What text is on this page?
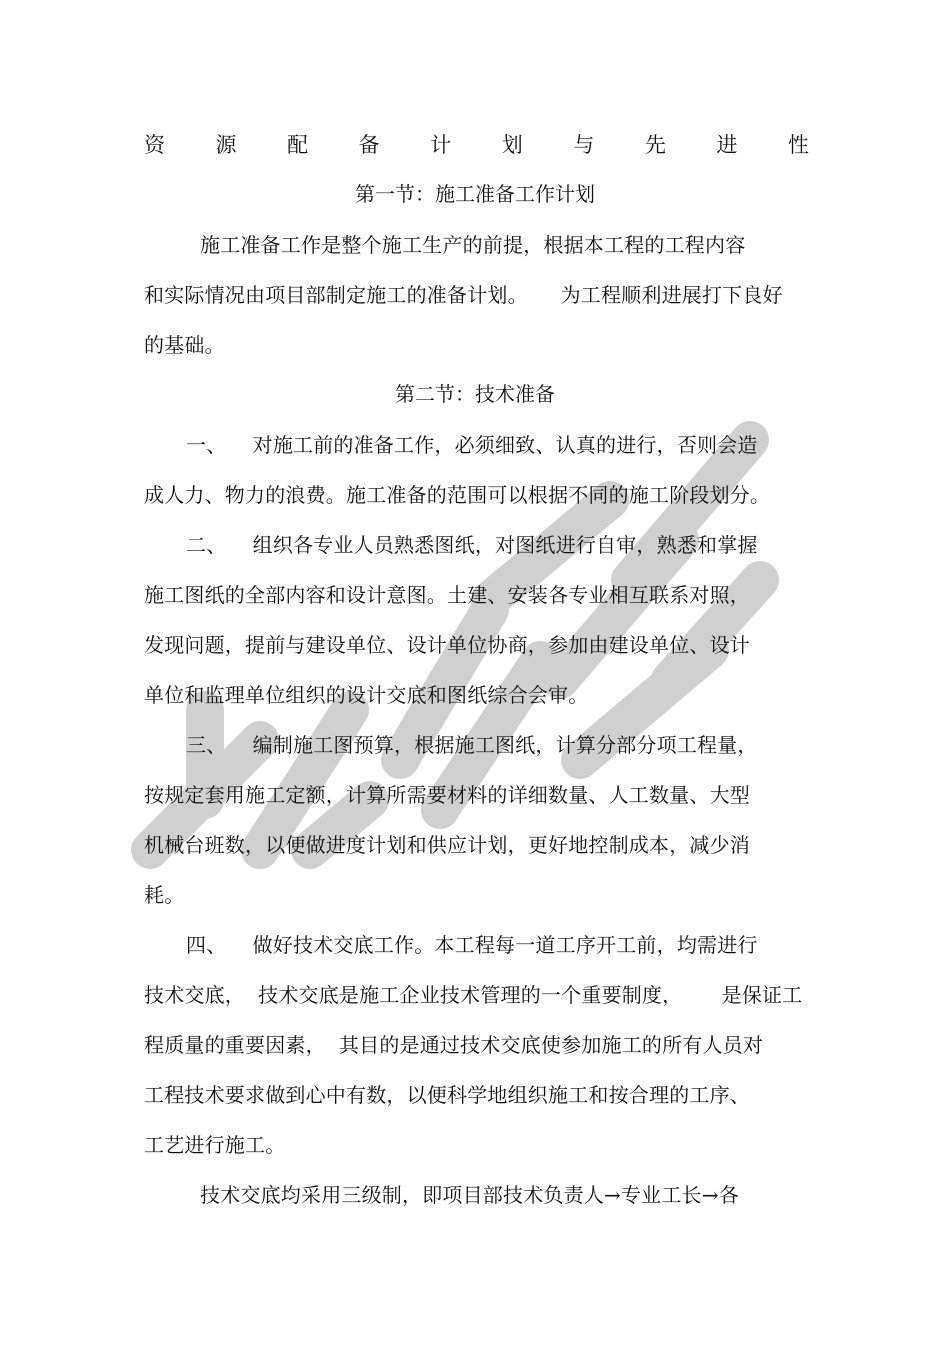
资 源 配 备 计 划 与 先 进 性
第一节：施工准备工作计划
施工准备工作是整个施工生产的前提，根据本工程的工程内容
和实际情况由项目部制定施工的准备计划。     为工程顺利进展打下良好
的基础。
第二节：技术准备
一、    对施工前的准备工作，必须细致、认真的进行，否则会造
成人力、物力的浪费。施工准备的范围可以根据不同的施工阶段划分。
二、    组织各专业人员熟悉图纸，对图纸进行自审，熟悉和掌握
施工图纸的全部内容和设计意图。土建、安装各专业相互联系对照，
发现问题，提前与建设单位、设计单位协商，参加由建设单位、设计
单位和监理单位组织的设计交底和图纸综合会审。
三、    编制施工图预算，根据施工图纸，计算分部分项工程量，
按规定套用施工定额，计算所需要材料的详细数量、人工数量、大型
机械台班数，以便做进度计划和供应计划，更好地控制成本，减少消
耗。
四、    做好技术交底工作。本工程每一道工序开工前，均需进行
技术交底，  技术交底是施工企业技术管理的一个重要制度，      是保证工
程质量的重要因素，  其目的是通过技术交底使参加施工的所有人员对
工程技术要求做到心中有数，以便科学地组织施工和按合理的工序、
工艺进行施工。
技术交底均采用三级制，即项目部技术负责人→专业工长→各
